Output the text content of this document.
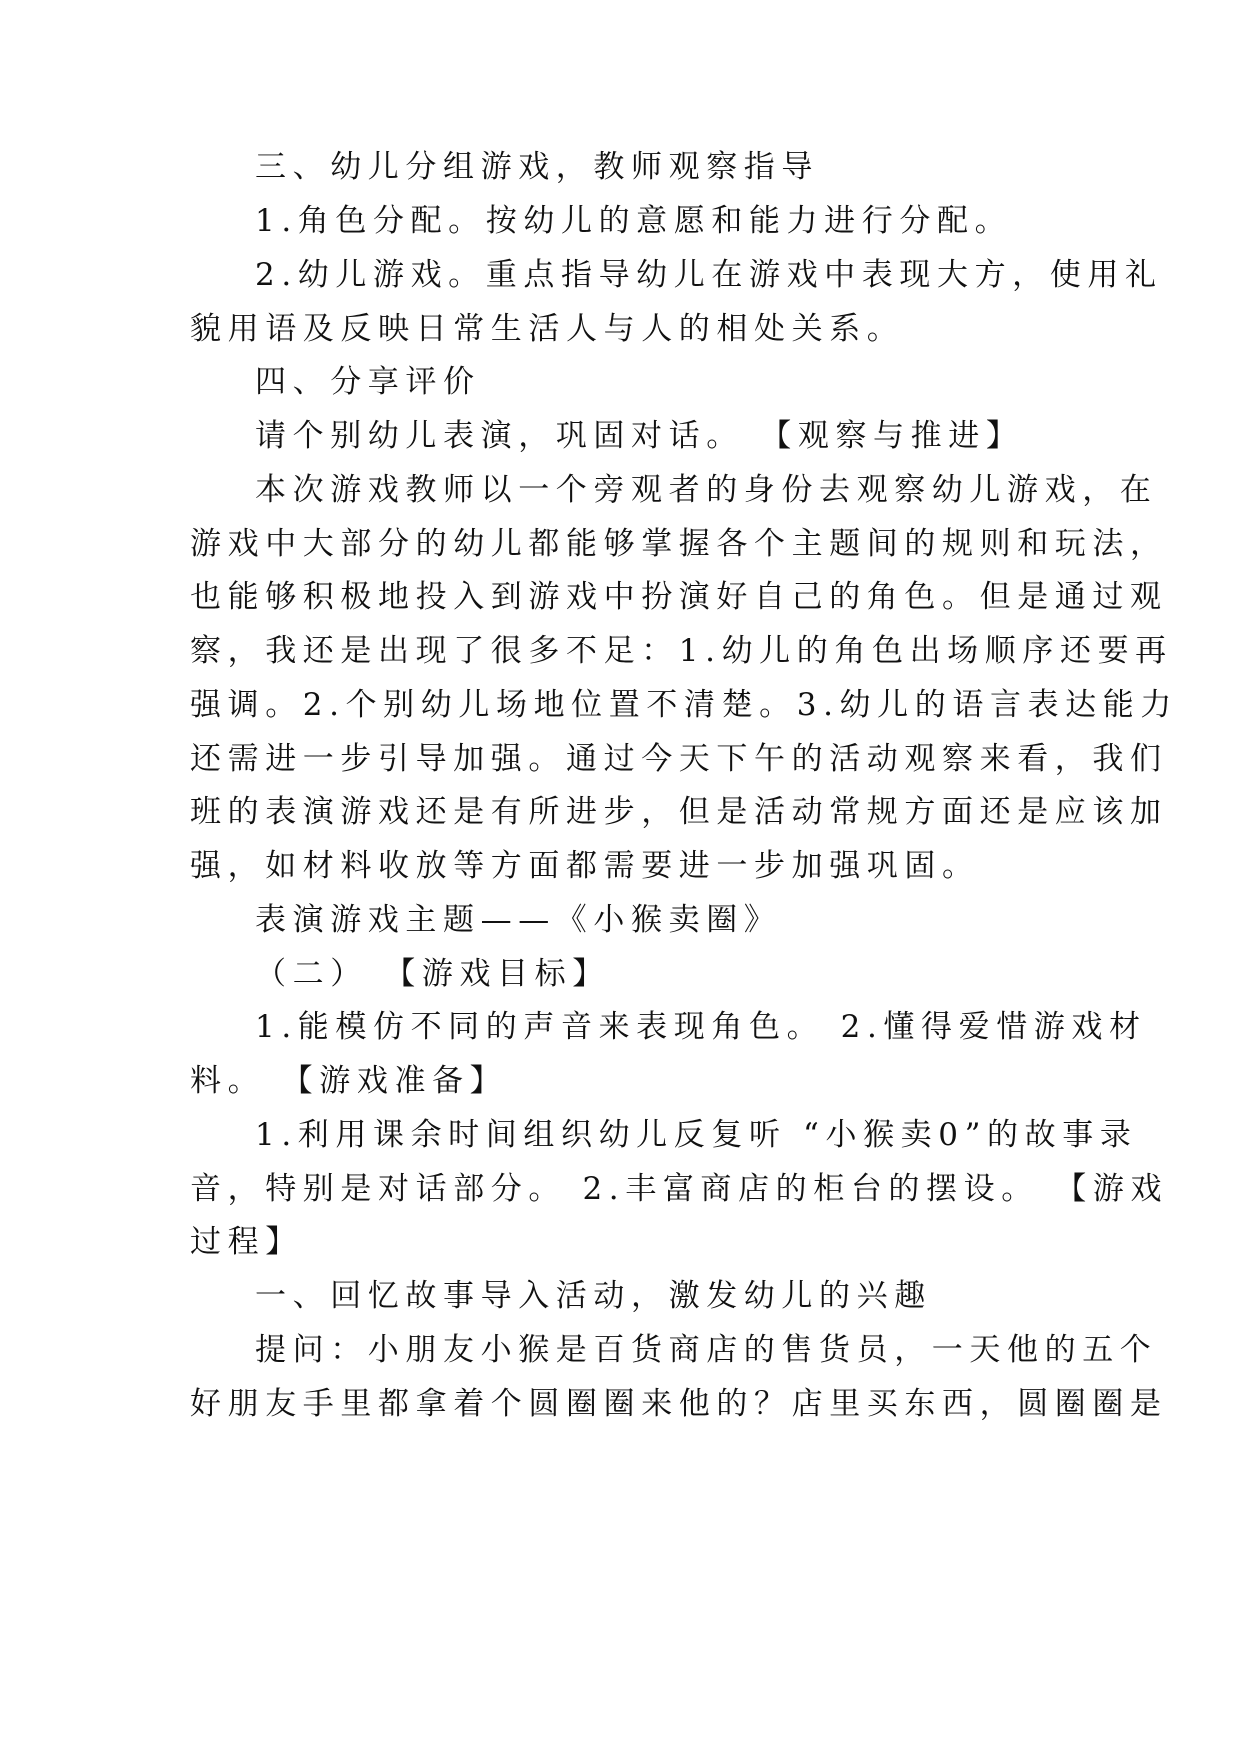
三、幼儿分组游戏，教师观察指导
1.角色分配。按幼儿的意愿和能力进行分配。
2.幼儿游戏。重点指导幼儿在游戏中表现大方，使用礼
貌用语及反映日常生活人与人的相处关系。
四、分享评价
请个别幼儿表演，巩固对话。 【观察与推进】
本次游戏教师以一个旁观者的身份去观察幼儿游戏，在
游戏中大部分的幼儿都能够掌握各个主题间的规则和玩法，
也能够积极地投入到游戏中扮演好自己的角色。但是通过观
察，我还是出现了很多不足：1.幼儿的角色出场顺序还要再
强调。2.个别幼儿场地位置不清楚。3.幼儿的语言表达能力
还需进一步引导加强。通过今天下午的活动观察来看，我们
班的表演游戏还是有所进步，但是活动常规方面还是应该加
强，如材料收放等方面都需要进一步加强巩固。
表演游戏主题——《小猴卖圈》
（二） 【游戏目标】
1.能模仿不同的声音来表现角色。 2.懂得爱惜游戏材
料。 【游戏准备】
1.利用课余时间组织幼儿反复听 “小猴卖0”的故事录
音，特别是对话部分。 2.丰富商店的柜台的摆设。 【游戏
过程】
一、回忆故事导入活动，激发幼儿的兴趣
提问：小朋友小猴是百货商店的售货员，一天他的五个
好朋友手里都拿着个圆圈圈来他的？店里买东西，圆圈圈是
